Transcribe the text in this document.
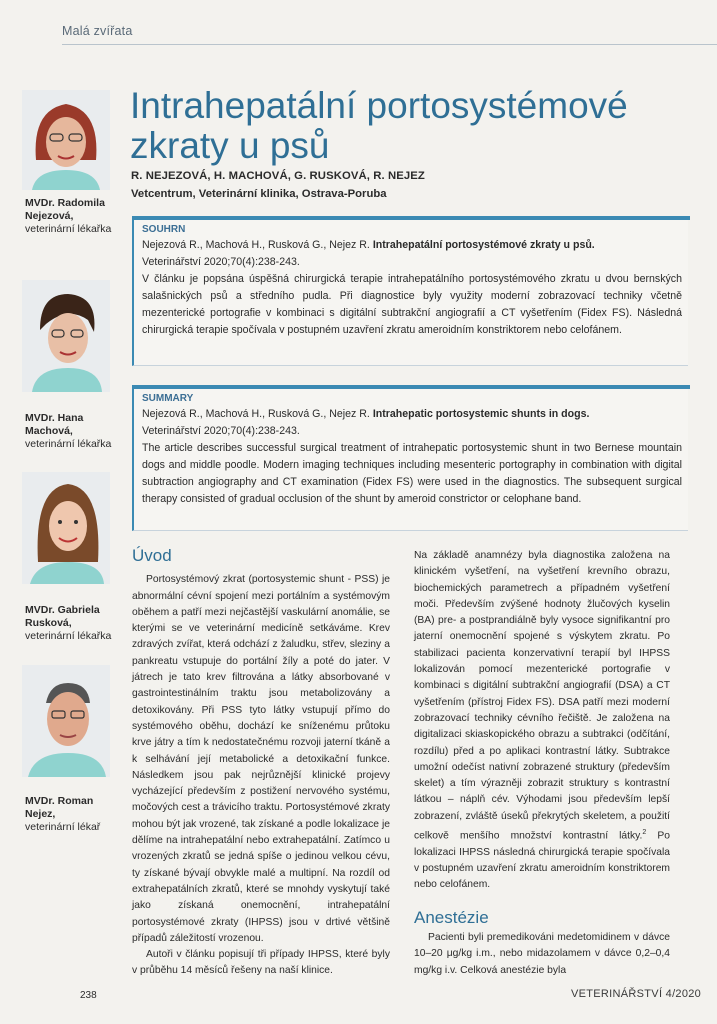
Malá zvířata
Intrahepatální portosystémové
zkraty u psů
R. NEJEZOVÁ, H. MACHOVÁ, G. RUSKOVÁ, R. NEJEZ
Vetcentrum, Veterinární klinika, Ostrava-Poruba
MVDr. Radomila
Nejezová,
veterinární lékařka
MVDr. Hana
Machová,
veterinární lékařka
MVDr. Gabriela
Rusková,
veterinární lékařka
MVDr. Roman
Nejez,
veterinární lékař
SOUHRN

Nejezová R., Machová H., Rusková G., Nejez R. Intrahepatální portosystémové zkraty u psů.
Veterinářství 2020;70(4):238-243.

V článku je popsána úspěšná chirurgická terapie intrahepatálního portosystémového zkratu u dvou bernských salašnických psů a středního pudla. Při diagnostice byly využity moderní zobrazovací techniky včetně mezenterické portografie v kombinaci s digitální subtrakční angiografií a CT vyšetřením (Fidex FS). Následná chirurgická terapie spočívala v postupném uzavření zkratu ameroidním konstriktorem nebo celofánem.

SUMMARY

Nejezová R., Machová H., Rusková G., Nejez R. Intrahepatic portosystemic shunts in dogs.
Veterinářství 2020;70(4):238-243.

The article describes successful surgical treatment of intrahepatic portosystemic shunt in two Bernese mountain dogs and middle poodle. Modern imaging techniques including mesenteric portography in combination with digital subtraction angiography and CT examination (Fidex FS) were used in the diagnostics. The subsequent surgical therapy consisted of gradual occlusion of the shunt by ameroid constrictor or celophane band.

Úvod

Portosystémový zkrat (portosystemic shunt - PSS) je abnormální cévní spojení mezi portálním a systémovým oběhem a patří mezi nejčastější vaskulární anomálie, se kterými se ve veterinární medicíně setkáváme. Krev zdravých zvířat, která odchází z žaludku, střev, sleziny a pankreatu vstupuje do portální žíly a poté do jater. V játrech je tato krev filtrována a látky absorbované v gastrointestinálním traktu jsou metabolizovány a detoxikovány. Při PSS tyto látky vstupují přímo do systémového oběhu, dochází ke sníženému průtoku krve játry a tím k nedostatečnému rozvoji jaterní tkáně a k selhávání její metabolické a detoxikační funkce. Následkem jsou pak nejrůznější klinické projevy vycházející především z postižení nervového systému, močových cest a trávicího traktu. Portosystémové zkraty mohou být jak vrozené, tak získané a podle lokalizace je dělíme na intrahepatální nebo extrahepatální. Zatímco u vrozených zkratů se jedná spíše o jedinou velkou cévu, ty získané bývají obvykle malé a multipní. Na rozdíl od extrahepatálních zkratů, které se mnohdy vyskytují také jako získaná onemocnění, intrahepatální portosystémové zkraty (IHPSS) jsou v drtivé většině případů záležitostí vrozenou.

Autoři v článku popisují tři případy IHPSS, které byly v průběhu 14 měsíců řešeny na naší klinice.

Na základě anamnézy byla diagnostika založena na klinickém vyšetření, na vyšetření krevního obrazu, biochemických parametrech a případném vyšetření moči. Především zvýšené hodnoty žlučových kyselin (BA) pre- a postprandiálně byly vysoce signifikantní pro jaterní onemocnění spojené s výskytem zkratu. Po stabilizaci pacienta konzervativní terapií byl IHPSS lokalizován pomocí mezenterické portografie v kombinaci s digitální subtrakční angiografií (DSA) a CT vyšetřením (přístroj Fidex FS). DSA patří mezi moderní zobrazovací techniky cévního řečiště. Je založena na digitalizaci skiaskopického obrazu a subtrakci (odčítání, rozdílu) před a po aplikaci kontrastní látky. Subtrakce umožní odečíst nativní zobrazené struktury (především skelet) a tím výrazněji zobrazit struktury s kontrastní látkou – náplň cév. Výhodami jsou především lepší zobrazení, zvláště úseků překrytých skeletem, a použití celkově menšího množství kontrastní látky.$^2$ Po lokalizaci IHPSS následná chirurgická terapie spočívala v postupném uzavření zkratu ameroidním konstriktorem nebo celofánem.

Anestézie

Pacienti byli premedikováni medetomidinem v dávce 10–20 μg/kg i.m., nebo midazolamem v dávce 0,2–0,4 mg/kg i.v. Celková anestézie byla

238	VETERINÁŘSTVÍ 4/2020
